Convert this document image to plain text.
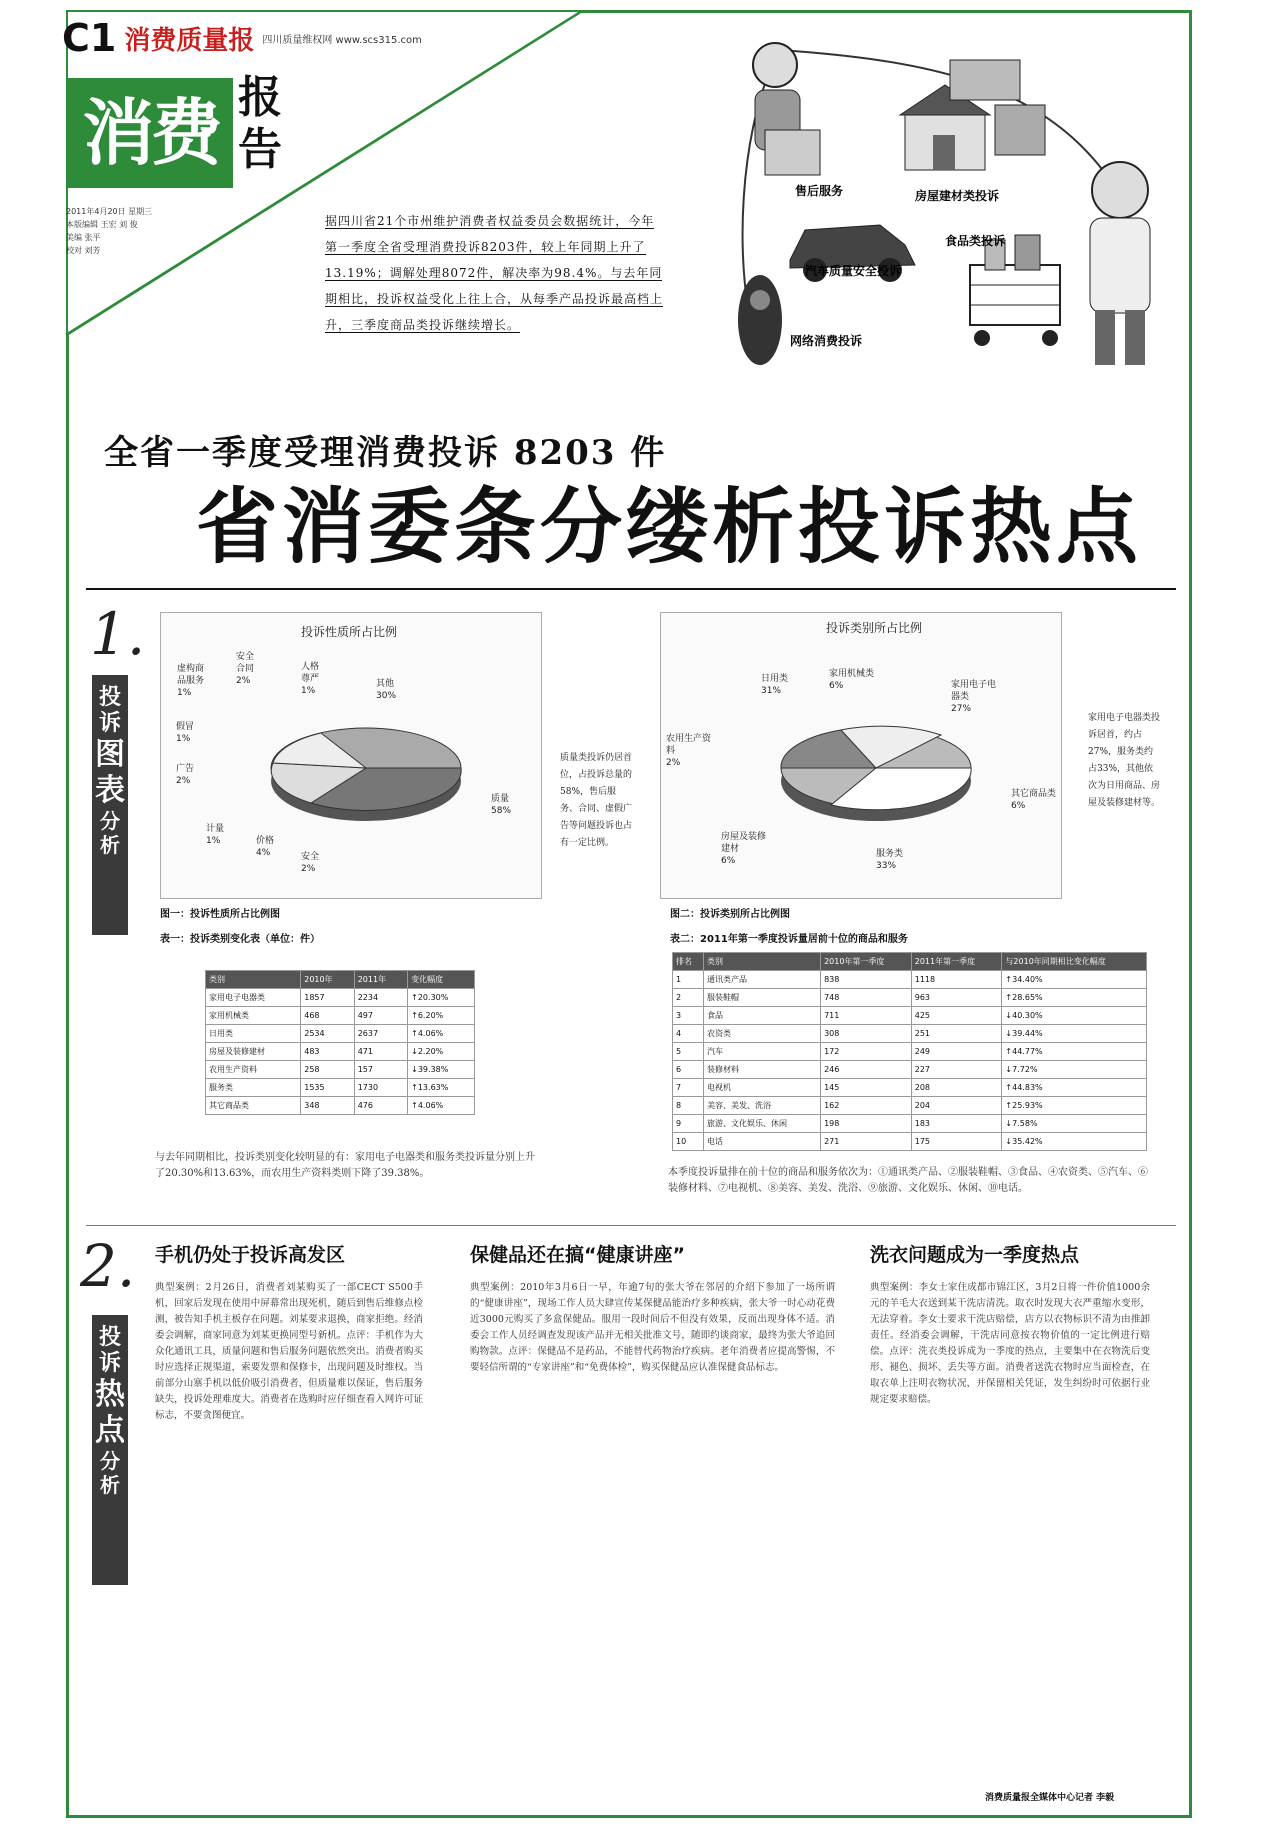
C1 消费质量报 四川质量维权网 www.scs315.com
消费 报告
2011年4月20日 星期三
本版编辑 王宏 刘 俊
美编 张平
校对 刘芳
据四川省21个市州维护消费者权益委员会数据统计，今年第一季度全省受理消费投诉8203件，较上年同期上升了13.19%；调解处理8072件，解决率为98.4%。与去年同期相比，投诉权益受化上往上合，从每季产品投诉最高档上升，三季度商品类投诉继续增长。
售后服务	房屋建材类投诉
食品类投诉
汽车质量安全投诉
网络消费投诉
全省一季度受理消费投诉 8203 件
省消委条分缕析投诉热点
1.
投
诉
图
表
分
析
投诉性质所占比例
虚构商
品服务
1%
安全
合同
2%
人格
尊严
1%
其他
30%
假冒
1%
广告
2%
计量
1%	价格
4%	安全
2%
质量
58%
质量类投诉仍居首位，占投诉总量的58%，售后服务、合同、虚假广告等问题投诉也占有一定比例。
图一：投诉性质所占比例图
投诉类别所占比例
日用类
31%
家用机械类
6%	家用电子电
器类
27%
农用生产资
料
2%
其它商品类
6%
房屋及装修
建材
6%
服务类
33%
家用电子电器类投诉居首，约占27%，服务类约占33%，其他依次为日用商品、房屋及装修建材等。
图二：投诉类别所占比例图
表一：投诉类别变化表（单位：件）
类别	2010年	2011年	变化幅度
家用电子电器类	1857	2234	↑20.30%
家用机械类	468	497	↑6.20%
日用类	2534	2637	↑4.06%
房屋及装修建材	483	471	↓2.20%
农用生产资料	258	157	↓39.38%
服务类	1535	1730	↑13.63%
其它商品类	348	476	↑4.06%
与去年同期相比，投诉类别变化较明显的有：家用电子电器类和服务类投诉量分别上升了20.30%和13.63%，而农用生产资料类则下降了39.38%。
表二：2011年第一季度投诉量居前十位的商品和服务
排名	类别	2010年第一季度	2011年第一季度	与2010年同期相比变化幅度
1	通讯类产品	838	1118	↑34.40%
2	服装鞋帽	748	963	↑28.65%
3	食品	711	425	↓40.30%
4	农资类	308	251	↓39.44%
5	汽车	172	249	↑44.77%
6	装修材料	246	227	↓7.72%
7	电视机	145	208	↑44.83%
8	美容、美发、洗浴	162	204	↑25.93%
9	旅游、文化娱乐、休闲	198	183	↓7.58%
10	电话	271	175	↓35.42%
本季度投诉量排在前十位的商品和服务依次为：①通讯类产品、②服装鞋帽、③食品、④农资类、⑤汽车、⑥装修材料、⑦电视机、⑧美容、美发、洗浴、⑨旅游、文化娱乐、休闲、⑩电话。
2.
投
诉
热
点
分
析
手机仍处于投诉高发区
典型案例：2月26日，消费者刘某购买了一部CECT S500手机，回家后发现在使用中屏幕常出现死机，随后到售后维修点检测，被告知手机主板存在问题。刘某要求退换，商家拒绝。经消委会调解，商家同意为刘某更换同型号新机。点评：手机作为大众化通讯工具，质量问题和售后服务问题依然突出。消费者购买时应选择正规渠道，索要发票和保修卡，出现问题及时维权。当前部分山寨手机以低价吸引消费者，但质量难以保证，售后服务缺失，投诉处理难度大。消费者在选购时应仔细查看入网许可证标志，不要贪图便宜。
保健品还在搞“健康讲座”
典型案例：2010年3月6日一早，年逾7旬的张大爷在邻居的介绍下参加了一场所谓的“健康讲座”，现场工作人员大肆宣传某保健品能治疗多种疾病，张大爷一时心动花费近3000元购买了多盒保健品。服用一段时间后不但没有效果，反而出现身体不适。消委会工作人员经调查发现该产品并无相关批准文号，随即约谈商家，最终为张大爷追回购物款。点评：保健品不是药品，不能替代药物治疗疾病。老年消费者应提高警惕，不要轻信所谓的“专家讲座”和“免费体检”，购买保健品应认准保健食品标志。
洗衣问题成为一季度热点
典型案例：李女士家住成都市锦江区，3月2日将一件价值1000余元的羊毛大衣送到某干洗店清洗。取衣时发现大衣严重缩水变形，无法穿着。李女士要求干洗店赔偿，店方以衣物标识不清为由推卸责任。经消委会调解，干洗店同意按衣物价值的一定比例进行赔偿。点评：洗衣类投诉成为一季度的热点，主要集中在衣物洗后变形、褪色、损坏、丢失等方面。消费者送洗衣物时应当面检查，在取衣单上注明衣物状况，并保留相关凭证，发生纠纷时可依据行业规定要求赔偿。
消费质量报全媒体中心记者 李毅
